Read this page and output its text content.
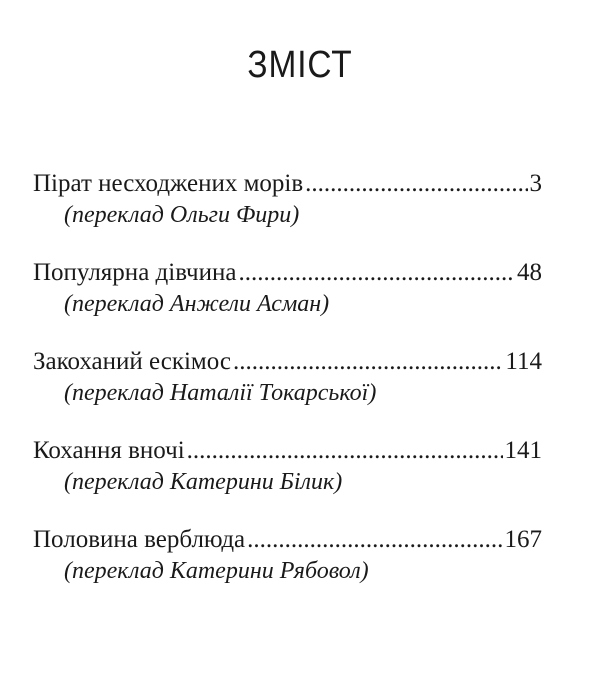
ЗМІСТ
Пірат несходжених морів .....	3
(переклад Ольги Фири)
Популярна дівчина .....	48
(переклад Анжели Асман)
Закоханий ескімос .....	114
(переклад Наталії Токарської)
Кохання вночі .....	141
(переклад Катерини Білик)
Половина верблюда .....	167
(переклад Катерини Рябовол)
